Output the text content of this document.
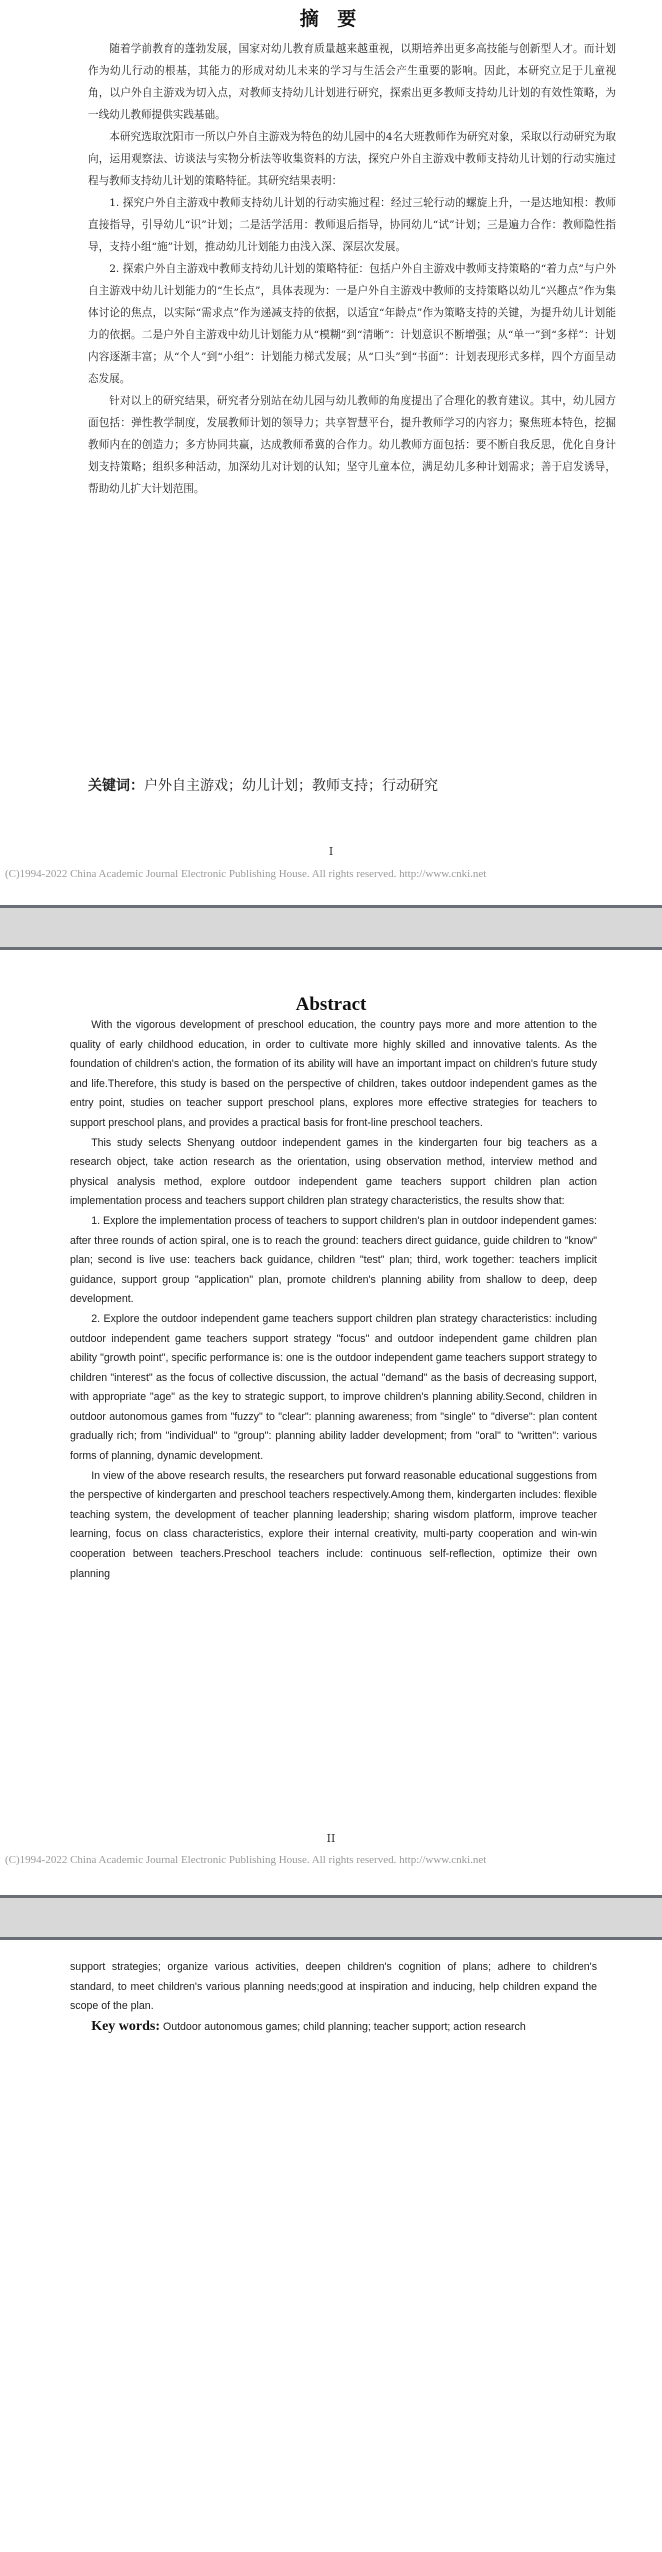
摘 要

随着学前教育的蓬勃发展，国家对幼儿教育质量越来越重视，以期培养出更多高技能与创新型人才。而计划作为幼儿行动的根基，其能力的形成对幼儿未来的学习与生活会产生重要的影响。因此，本研究立足于儿童视角，以户外自主游戏为切入点，对教师支持幼儿计划进行研究，探索出更多教师支持幼儿计划的有效性策略，为一线幼儿教师提供实践基础。

本研究选取沈阳市一所以户外自主游戏为特色的幼儿园中的4名大班教师作为研究对象，采取以行动研究为取向，运用观察法、访谈法与实物分析法等收集资料的方法，探究户外自主游戏中教师支持幼儿计划的行动实施过程与教师支持幼儿计划的策略特征。其研究结果表明：

1. 探究户外自主游戏中教师支持幼儿计划的行动实施过程：经过三轮行动的螺旋上升，一是达地知根：教师直接指导，引导幼儿“识”计划；二是活学活用：教师退后指导，协同幼儿“试”计划；三是遍力合作：教师隐性指导，支持小组“施”计划，推动幼儿计划能力由浅入深、深层次发展。

2. 探索户外自主游戏中教师支持幼儿计划的策略特征：包括户外自主游戏中教师支持策略的“着力点”与户外自主游戏中幼儿计划能力的“生长点”，具体表现为：一是户外自主游戏中教师的支持策略以幼儿“兴趣点”作为集体讨论的焦点，以实际“需求点”作为递减支持的依据，以适宜“年龄点”作为策略支持的关键，为提升幼儿计划能力的依据。二是户外自主游戏中幼儿计划能力从“模糊”到“清晰”：计划意识不断增强；从“单一”到“多样”：计划内容逐渐丰富；从“个人”到“小组”：计划能力梯式发展；从“口头”到“书面”：计划表现形式多样，四个方面呈动态发展。

针对以上的研究结果，研究者分别站在幼儿园与幼儿教师的角度提出了合理化的教育建议。其中，幼儿园方面包括：弹性教学制度，发展教师计划的领导力；共享智慧平台，提升教师学习的内容力；聚焦班本特色，挖掘教师内在的创造力；多方协同共赢，达成教师希冀的合作力。幼儿教师方面包括：要不断自我反思，优化自身计划支持策略；组织多种活动，加深幼儿对计划的认知；坚守儿童本位，满足幼儿多种计划需求；善于启发诱导，帮助幼儿扩大计划范围。

关键词：户外自主游戏；幼儿计划；教师支持；行动研究
I
(C)1994-2022 China Academic Journal Electronic Publishing House. All rights reserved. http://www.cnki.net
Abstract

With the vigorous development of preschool education, the country pays more and more attention to the quality of early childhood education, in order to cultivate more highly skilled and innovative talents. As the foundation of children's action, the formation of its ability will have an important impact on children's future study and life.Therefore, this study is based on the perspective of children, takes outdoor independent games as the entry point, studies on teacher support preschool plans, explores more effective strategies for teachers to support preschool plans, and provides a practical basis for front-line preschool teachers.

This study selects Shenyang outdoor independent games in the kindergarten four big teachers as a research object, take action research as the orientation, using observation method, interview method and physical analysis method, explore outdoor independent game teachers support children plan action implementation process and teachers support children plan strategy characteristics, the results show that:

1. Explore the implementation process of teachers to support children's plan in outdoor independent games: after three rounds of action spiral, one is to reach the ground: teachers direct guidance, guide children to "know" plan; second is live use: teachers back guidance, children "test" plan; third, work together: teachers implicit guidance, support group "application" plan, promote children's planning ability from shallow to deep, deep development.

2. Explore the outdoor independent game teachers support children plan strategy characteristics: including outdoor independent game teachers support strategy "focus" and outdoor independent game children plan ability "growth point", specific performance is: one is the outdoor independent game teachers support strategy to children "interest" as the focus of collective discussion, the actual "demand" as the basis of decreasing support, with appropriate "age" as the key to strategic support, to improve children's planning ability.Second, children in outdoor autonomous games from "fuzzy" to "clear": planning awareness; from "single" to "diverse": plan content gradually rich; from "individual" to "group": planning ability ladder development; from "oral" to "written": various forms of planning, dynamic development.

In view of the above research results, the researchers put forward reasonable educational suggestions from the perspective of kindergarten and preschool teachers respectively.Among them, kindergarten includes: flexible teaching system, the development of teacher planning leadership; sharing wisdom platform, improve teacher learning, focus on class characteristics, explore their internal creativity, multi-party cooperation and win-win cooperation between teachers.Preschool teachers include: continuous self-reflection, optimize their own planning

II
(C)1994-2022 China Academic Journal Electronic Publishing House. All rights reserved. http://www.cnki.net

support strategies; organize various activities, deepen children's cognition of plans; adhere to children's standard, to meet children's various planning needs;good at inspiration and inducing, help children expand the scope of the plan.

Key words: Outdoor autonomous games; child planning; teacher support; action research
